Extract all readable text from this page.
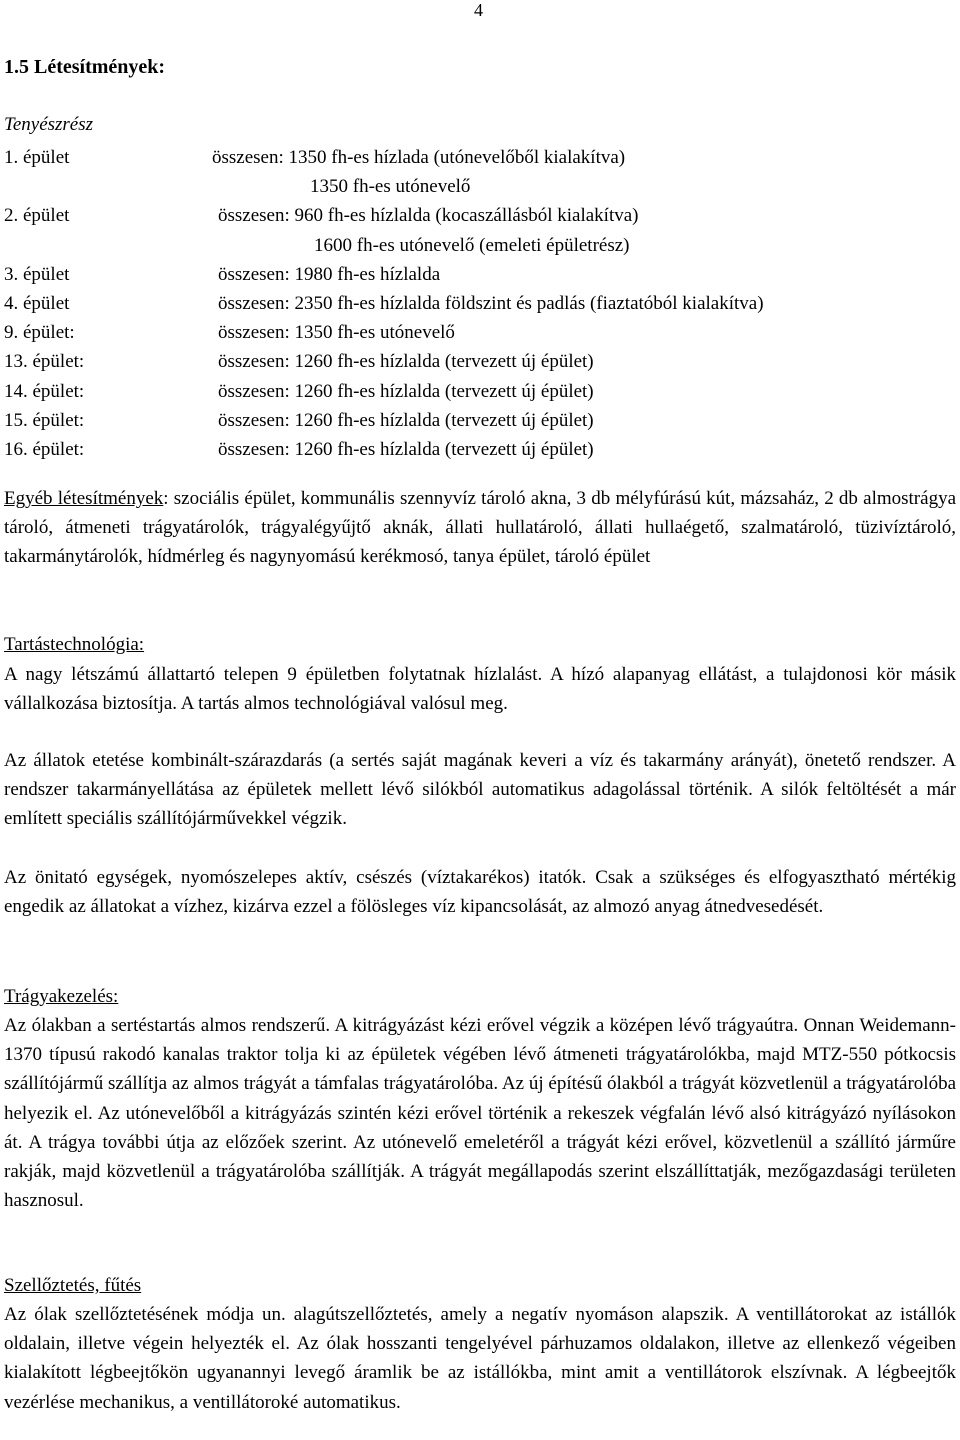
4
1.5 Létesítmények:
Tenyészrész
1. épület	összesen: 1350 fh-es hízlada (utónevelőből kialakítva)
1350 fh-es utónevelő
2. épület	összesen: 960 fh-es hízlalda (kocaszállásból kialakítva)
1600 fh-es utónevelő (emeleti épületrész)
3. épület	összesen: 1980 fh-es hízlalda
4. épület	összesen: 2350 fh-es hízlalda földszint és padlás (fiaztatóból kialakítva)
9. épület:	összesen: 1350 fh-es utónevelő
13. épület:	összesen: 1260 fh-es hízlalda (tervezett új épület)
14. épület:	összesen: 1260 fh-es hízlalda (tervezett új épület)
15. épület:	összesen: 1260 fh-es hízlalda (tervezett új épület)
16. épület:	összesen: 1260 fh-es hízlalda (tervezett új épület)
Egyéb létesítmények: szociális épület, kommunális szennyvíz tároló akna, 3 db mélyfúrású kút, mázsaház, 2 db almostrágya tároló, átmeneti trágyatárolók, trágyalégyűjtő aknák, állati hullatároló, állati hullaégető, szalmatároló, tüzivíztároló, takarmánytárolók, hídmérleg és nagynyomású kerékmosó, tanya épület, tároló épület
Tartástechnológia:
A nagy létszámú állattartó telepen 9 épületben folytatnak hízlalást. A hízó alapanyag ellátást, a tulajdonosi kör másik vállalkozása biztosítja. A tartás almos technológiával valósul meg.
Az állatok etetése kombinált-szárazdarás (a sertés saját magának keveri a víz és takarmány arányát), önetető rendszer. A rendszer takarmányellátása az épületek mellett lévő silókból automatikus adagolással történik. A silók feltöltését a már említett speciális szállítójárművekkel végzik.
Az önitató egységek, nyomószelepes aktív, csészés (víztakarékos) itatók. Csak a szükséges és elfogyasztható mértékig engedik az állatokat a vízhez, kizárva ezzel a fölösleges víz kipancsolását, az almozó anyag átnedvesedését.
Trágyakezelés:
Az ólakban a sertéstartás almos rendszerű. A kitrágyázást kézi erővel végzik a középen lévő trágyaútra. Onnan Weidemann-1370 típusú rakodó kanalas traktor tolja ki az épületek végében lévő átmeneti trágyatárolókba, majd MTZ-550 pótkocsis szállítójármű szállítja az almos trágyát a támfalas trágyatárolóba. Az új építésű ólakból a trágyát közvetlenül a trágyatárolóba helyezik el. Az utónevelőből a kitrágyázás szintén kézi erővel történik a rekeszek végfalán lévő alsó kitrágyázó nyílásokon át. A trágya további útja az előzőek szerint. Az utónevelő emeletéről a trágyát kézi erővel, közvetlenül a szállító járműre rakják, majd közvetlenül a trágyatárolóba szállítják. A trágyát megállapodás szerint elszállíttatják, mezőgazdasági területen hasznosul.
Szellőztetés, fűtés
Az ólak szellőztetésének módja un. alagútszellőztetés, amely a negatív nyomáson alapszik. A ventillátorokat az istállók oldalain, illetve végein helyezték el. Az ólak hosszanti tengelyével párhuzamos oldalakon, illetve az ellenkező végeiben kialakított légbeejtőkön ugyanannyi levegő áramlik be az istállókba, mint amit a ventillátorok elszívnak. A légbeejtők vezérlése mechanikus, a ventillátoroké automatikus.
